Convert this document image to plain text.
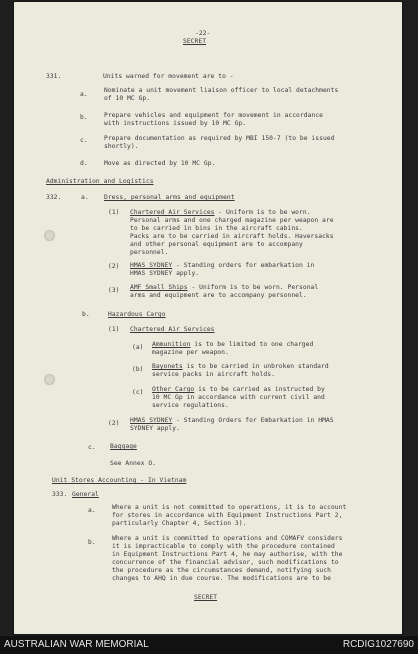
-22-
SECRET
331.	Units warned for movement are to -
a.
Nominate a unit movement liaison officer to local detachments
of 10 MC Gp.
b.	Prepare vehicles and equipment for movement in accordance
with instructions issued by 10 MC Gp.
c.	Prepare documentation as required by MBI 150-7 (to be issued
shortly).
d.	Move as directed by 10 MC Gp.
Administration and Logistics
332.	a. Dress, personal arms and equipment
(1) Chartered Air Services - Uniform is to be worn.
Personal arms and one charged magazine per weapon are
to be carried in bins in the aircraft cabins.
Packs are to be carried in aircraft holds. Haversacks
and other personal equipment are to accompany
personnel.
(2) HMAS SYDNEY - Standing orders for embarkation in
HMAS SYDNEY apply.
(3) AMF Small Ships - Uniform is to be worn. Personal
arms and equipment are to accompany personnel.
b.	Hazardous Cargo
(1) Chartered Air Services
(a) Ammunition is to be limited to one charged
magazine per weapon.
(b) Bayonets is to be carried in unbroken standard
service packs in aircraft holds.
(c) Other Cargo is to be carried as instructed by
10 MC Gp in accordance with current civil and
service regulations.
(2) HMAS SYDNEY - Standing Orders for Embarkation in HMAS
SYDNEY apply.
c. Baggage
See Annex O.
Unit Stores Accounting - In Vietnam
333. General
a.	Where a unit is not committed to operations, it is to account
for stores in accordance with Equipment Instructions Part 2,
particularly Chapter 4, Section 3).
b.
Where a unit is committed to operations and COMAFV considers
it is impracticable to comply with the procedure contained
in Equipment Instructions Part 4, he may authorise, with the
concurrence of the financial advisor, such modifications to
the procedure as the circumstances demand, notifying such
changes to AHQ in due course. The modifications are to be
SECRET
AUSTRALIAN WAR MEMORIAL	RCDIG1027690
